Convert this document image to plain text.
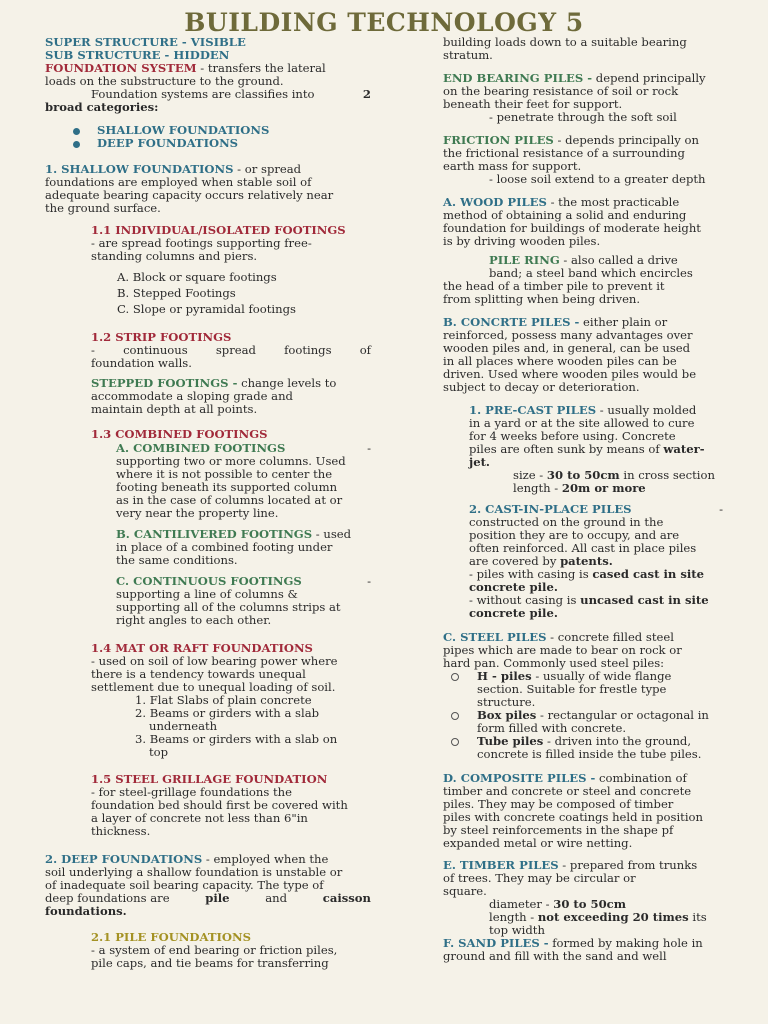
BUILDING TECHNOLOGY 5
SUPER STRUCTURE - VISIBLE
SUB STRUCTURE - HIDDEN
FOUNDATION SYSTEM - transfers the lateral
loads on the substructure to the ground.
Foundation systems are classifies into	2
broad categories:
SHALLOW FOUNDATIONS
DEEP FOUNDATIONS
1. SHALLOW FOUNDATIONS - or spread
foundations are employed when stable soil of
adequate bearing capacity occurs relatively near
the ground surface.
1.1 INDIVIDUAL/ISOLATED FOOTINGS
- are spread footings supporting free-
standing columns and piers.
A. Block or square footings
B. Stepped Footings
C. Slope or pyramidal footings
1.2 STRIP FOOTINGS
- continuous spread footings of
foundation walls.
STEPPED FOOTINGS - change levels to
accommodate a sloping grade and
maintain depth at all points.
1.3 COMBINED FOOTINGS
A. COMBINED FOOTINGS	-
supporting two or more columns. Used
where it is not possible to center the
footing beneath its supported column
as in the case of columns located at or
very near the property line.
B. CANTILIVERED FOOTINGS - used
in place of a combined footing under
the same conditions.
C. CONTINUOUS FOOTINGS	-
supporting a line of columns &
supporting all of the columns strips at
right angles to each other.
1.4 MAT OR RAFT FOUNDATIONS
- used on soil of low bearing power where
there is a tendency towards unequal
settlement due to unequal loading of soil.
1. Flat Slabs of plain concrete
2. Beams or girders with a slab
underneath
3. Beams or girders with a slab on
top
1.5 STEEL GRILLAGE FOUNDATION
- for steel-grillage foundations the
foundation bed should first be covered with
a layer of concrete not less than 6"in
thickness.
2. DEEP FOUNDATIONS - employed when the
soil underlying a shallow foundation is unstable or
of inadequate soil bearing capacity. The type of
deep foundations are	pile	and	caisson
foundations.
2.1 PILE FOUNDATIONS
- a system of end bearing or friction piles,
pile caps, and tie beams for transferring
building loads down to a suitable bearing
stratum.
END BEARING PILES - depend principally
on the bearing resistance of soil or rock
beneath their feet for support.
- penetrate through the soft soil
FRICTION PILES - depends principally on
the frictional resistance of a surrounding
earth mass for support.
- loose soil extend to a greater depth
A. WOOD PILES - the most practicable
method of obtaining a solid and enduring
foundation for buildings of moderate height
is by driving wooden piles.
PILE RING - also called a drive
band; a steel band which encircles
the head of a timber pile to prevent it
from splitting when being driven.
B. CONCRTE PILES - either plain or
reinforced, possess many advantages over
wooden piles and, in general, can be used
in all places where wooden piles can be
driven. Used where wooden piles would be
subject to decay or deterioration.
1. PRE-CAST PILES - usually molded
in a yard or at the site allowed to cure
for 4 weeks before using. Concrete
piles are often sunk by means of water-
jet.
size - 30 to 50cm in cross section
length - 20m or more
2. CAST-IN-PLACE PILES	-
constructed on the ground in the
position they are to occupy, and are
often reinforced. All cast in place piles
are covered by patents.
- piles with casing is cased cast in site
concrete pile.
- without casing is uncased cast in site
concrete pile.
C. STEEL PILES - concrete filled steel
pipes which are made to bear on rock or
hard pan. Commonly used steel piles:
H - piles - usually of wide flange
section. Suitable for frestle type
structure.
Box piles - rectangular or octagonal in
form filled with concrete.
Tube piles - driven into the ground,
concrete is filled inside the tube piles.
D. COMPOSITE PILES - combination of
timber and concrete or steel and concrete
piles. They may be composed of timber
piles with concrete coatings held in position
by steel reinforcements in the shape pf
expanded metal or wire netting.
E. TIMBER PILES - prepared from trunks
of trees. They may be circular or
square.
diameter - 30 to 50cm
length - not exceeding 20 times its
top width
F. SAND PILES - formed by making hole in
ground and fill with the sand and well
